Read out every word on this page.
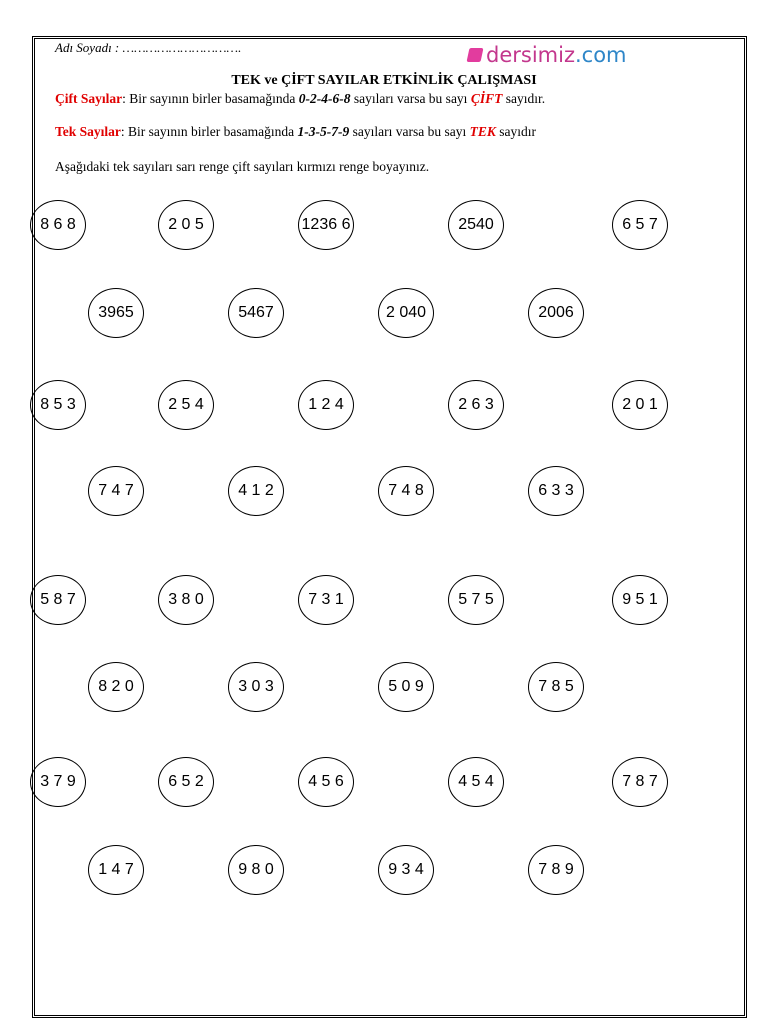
Adı Soyadı : ………………………….	dersimiz.com
TEK ve ÇİFT SAYILAR ETKİNLİK ÇALIŞMASI
Çift Sayılar: Bir sayının birler basamağında 0-2-4-6-8 sayıları varsa bu sayı ÇİFT sayıdır.
Tek Sayılar: Bir sayının birler basamağında 1-3-5-7-9 sayıları varsa bu sayı TEK sayıdır
Aşağıdaki tek sayıları sarı renge çift sayıları kırmızı renge boyayınız.
8 6 8	2 0 5	1236 6	2540	6 5 7
3965	5467	2 040	2006
8 5 3	2 5 4	1 2 4	2 6 3	2 0 1
7 4 7	4 1 2	7 4 8	6 3 3
5 8 7	3 8 0	7 3 1	5 7 5	9 5 1
8 2 0	3 0 3	5 0 9	7 8 5
3 7 9	6 5 2	4 5 6	4 5 4	7 8 7
1 4 7	9 8 0	9 3 4	7 8 9
